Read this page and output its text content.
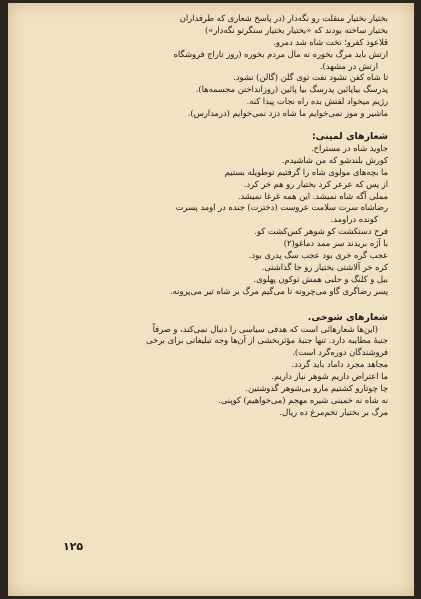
بختیار بختیار منقلت رو نگه‌دار (در پاسخ شعاری که طرفداران
بختیار ساخته بودند که «بختیار بختیار سنگرتو نگه‌دار»)
قلاعوذ کفرو؛ تخت شاه شد دمرو.
ارتش باید مرگ بخوره نه مال مردم بخوره (روز تاراج فروشگاه
ارتش در مشهد).
تا شاه کفن نشود نفت توی گلن (گالن) نشود.
پدرسگ بیاپائین پدرسگ بیا پائین (روزانداختن مجسمه‌ها).
رژیم میخواد لفتش بده راه نجات پیدا کنه.
ماشیر و موز نمی‌خوایم ما شاه دزد نمی‌خوایم (درمدارس).
شعارهای لمپنی:
جاوید شاه در مستراح.
کورش بلندشو که من شاشیدم.
ما بچه‌های مولوی شاه را گرفتیم توطویله بستیم
از پس که عرعر کرد بختیار رو هم خر کرد.
مملی آگه شاه نمیشد. این همه غرغا نمیشد.
رضاشاه سرت سلامت عروست (دخترت) جنده در اومد پسرت
کونده دراومد.
فرح دستکشت کو شوهر کس‌کشت کو.
با آژه بریدند سر ممد دماغو(۲)
عجب گره خری بود عجب سگ پدری بود.
کره خر آلاشتی بختیار رو جا گذاشتی.
بیل و کلنگ و حلبی همش توکون پهلوی.
پسر رضاگری گاو می‌چرونه تا می‌گیم مرگ بر شاه تیر می‌پرونه.
شعارهای شوخی.
(این‌ها شعارهائی است که هدفی سیاسی را دنبال نمی‌کند، و صرفاً
جنبهٔ مطایبه دارد. تنها جنبهٔ مؤثربخشی از آن‌ها وجه تبلیغاتی برای برخی
فروشندگان دوره‌گرد است).
مجاهد مجرد داماد باید گردد.
ما اعتراض داریم شوهر نیاز داریم.
چا چوتارو کشتیم مارو بی‌شوهر گذوشتین.
نه شاه نه خمینی شیره مهجم (می‌خواهیم) کوپنی.
مرگ بر بختیار تخم‌مرغ ده ریال.
۱۲۵
